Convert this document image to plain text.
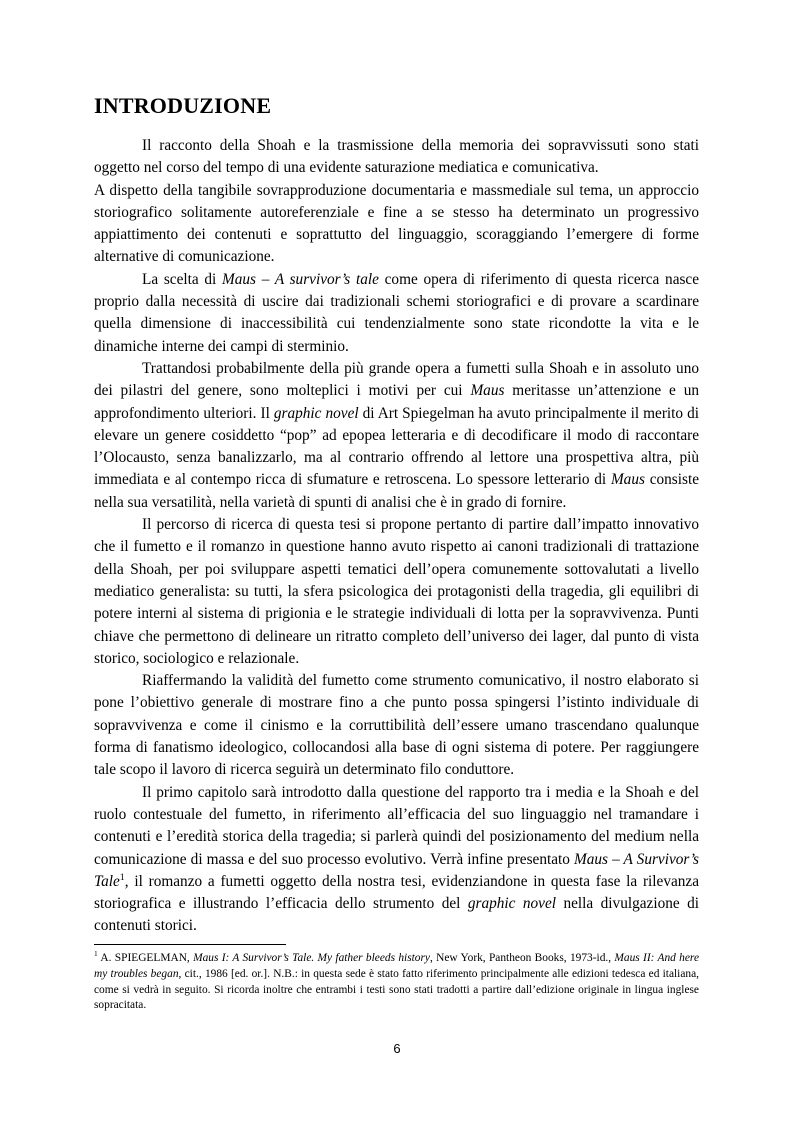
INTRODUZIONE

Il racconto della Shoah e la trasmissione della memoria dei sopravvissuti sono stati oggetto nel corso del tempo di una evidente saturazione mediatica e comunicativa.

A dispetto della tangibile sovrapproduzione documentaria e massmediale sul tema, un approccio storiografico solitamente autoreferenziale e fine a se stesso ha determinato un progressivo appiattimento dei contenuti e soprattutto del linguaggio, scoraggiando l’emergere di forme alternative di comunicazione.

La scelta di Maus – A survivor’s tale come opera di riferimento di questa ricerca nasce proprio dalla necessità di uscire dai tradizionali schemi storiografici e di provare a scardinare quella dimensione di inaccessibilità cui tendenzialmente sono state ricondotte la vita e le dinamiche interne dei campi di sterminio.

Trattandosi probabilmente della più grande opera a fumetti sulla Shoah e in assoluto uno dei pilastri del genere, sono molteplici i motivi per cui Maus meritasse un’attenzione e un approfondimento ulteriori. Il graphic novel di Art Spiegelman ha avuto principalmente il merito di elevare un genere cosiddetto “pop” ad epopea letteraria e di decodificare il modo di raccontare l’Olocausto, senza banalizzarlo, ma al contrario offrendo al lettore una prospettiva altra, più immediata e al contempo ricca di sfumature e retroscena. Lo spessore letterario di Maus consiste nella sua versatilità, nella varietà di spunti di analisi che è in grado di fornire.

Il percorso di ricerca di questa tesi si propone pertanto di partire dall’impatto innovativo che il fumetto e il romanzo in questione hanno avuto rispetto ai canoni tradizionali di trattazione della Shoah, per poi sviluppare aspetti tematici dell’opera comunemente sottovalutati a livello mediatico generalista: su tutti, la sfera psicologica dei protagonisti della tragedia, gli equilibri di potere interni al sistema di prigionia e le strategie individuali di lotta per la sopravvivenza. Punti chiave che permettono di delineare un ritratto completo dell’universo dei lager, dal punto di vista storico, sociologico e relazionale.

Riaffermando la validità del fumetto come strumento comunicativo, il nostro elaborato si pone l’obiettivo generale di mostrare fino a che punto possa spingersi l’istinto individuale di sopravvivenza e come il cinismo e la corruttibilità dell’essere umano trascendano qualunque forma di fanatismo ideologico, collocandosi alla base di ogni sistema di potere. Per raggiungere tale scopo il lavoro di ricerca seguirà un determinato filo conduttore.

Il primo capitolo sarà introdotto dalla questione del rapporto tra i media e la Shoah e del ruolo contestuale del fumetto, in riferimento all’efficacia del suo linguaggio nel tramandare i contenuti e l’eredità storica della tragedia; si parlerà quindi del posizionamento del medium nella comunicazione di massa e del suo processo evolutivo. Verrà infine presentato Maus – A Survivor’s Tale$^1$, il romanzo a fumetti oggetto della nostra tesi, evidenziandone in questa fase la rilevanza storiografica e illustrando l’efficacia dello strumento del graphic novel nella divulgazione di contenuti storici.

$^1$ A. SPIEGELMAN, Maus I: A Survivor’s Tale. My father bleeds history, New York, Pantheon Books, 1973-id., Maus II: And here my troubles began, cit., 1986 [ed. or.]. N.B.: in questa sede è stato fatto riferimento principalmente alle edizioni tedesca ed italiana, come si vedrà in seguito. Si ricorda inoltre che entrambi i testi sono stati tradotti a partire dall’edizione originale in lingua inglese sopracitata.

6
